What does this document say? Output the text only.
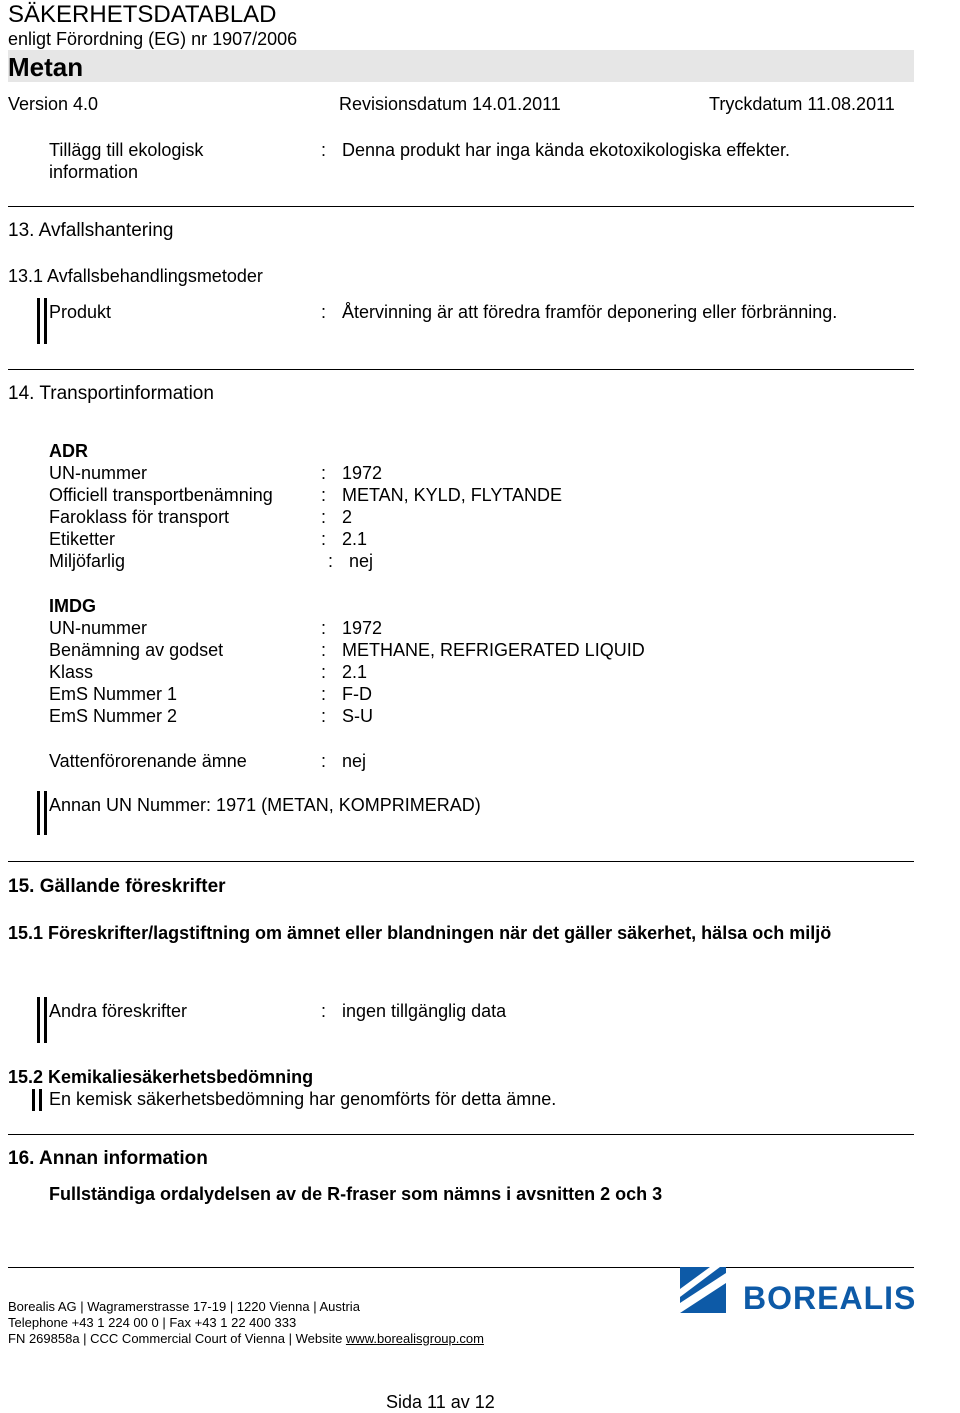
SÄKERHETSDATABLAD
enligt Förordning (EG) nr 1907/2006
Metan
Version 4.0	Revisionsdatum 14.01.2011	Tryckdatum 11.08.2011
Tillägg till ekologisk
information
: Denna produkt har inga kända ekotoxikologiska effekter.
13. Avfallshantering
13.1 Avfallsbehandlingsmetoder
Produkt	: Återvinning är att föredra framför deponering eller förbränning.
14. Transportinformation
ADR
UN-nummer	: 1972
Officiell transportbenämning	: METAN, KYLD, FLYTANDE
Faroklass för transport	: 2
Etiketter	: 2.1
Miljöfarlig	: nej
IMDG
UN-nummer	: 1972
Benämning av godset	: METHANE, REFRIGERATED LIQUID
Klass	: 2.1
EmS Nummer 1	: F-D
EmS Nummer 2	: S-U
Vattenförorenande ämne	: nej
Annan UN Nummer: 1971 (METAN, KOMPRIMERAD)
15. Gällande föreskrifter
15.1 Föreskrifter/lagstiftning om ämnet eller blandningen när det gäller säkerhet, hälsa och miljö
Andra föreskrifter	: ingen tillgänglig data
15.2 Kemikaliesäkerhetsbedömning
En kemisk säkerhetsbedömning har genomförts för detta ämne.
16. Annan information
Fullständiga ordalydelsen av de R-fraser som nämns i avsnitten 2 och 3
Borealis AG | Wagramerstrasse 17-19 | 1220 Vienna | Austria
Telephone +43 1 224 00 0 | Fax +43 1 22 400 333
FN 269858a | CCC Commercial Court of Vienna | Website www.borealisgroup.com
BOREALIS
Sida 11 av 12
